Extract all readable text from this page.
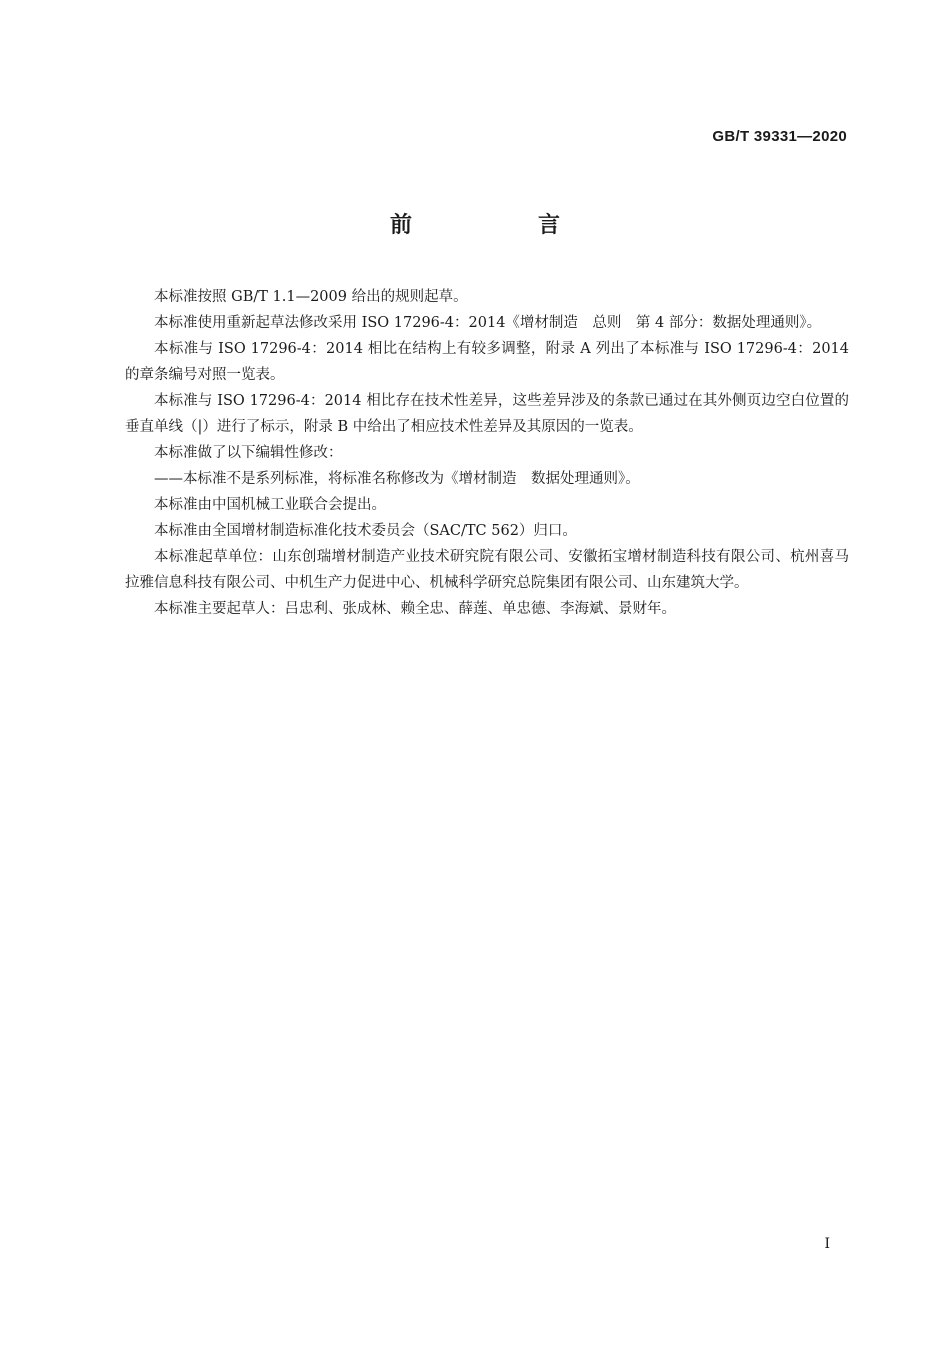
GB/T 39331—2020
前　言

本标准按照 GB/T 1.1—2009 给出的规则起草。

本标准使用重新起草法修改采用 ISO 17296-4：2014《增材制造　总则　第 4 部分：数据处理通则》。

本标准与 ISO 17296-4：2014 相比在结构上有较多调整，附录 A 列出了本标准与 ISO 17296-4：2014 的章条编号对照一览表。

本标准与 ISO 17296-4：2014 相比存在技术性差异，这些差异涉及的条款已通过在其外侧页边空白位置的垂直单线（|）进行了标示，附录 B 中给出了相应技术性差异及其原因的一览表。

本标准做了以下编辑性修改：

——本标准不是系列标准，将标准名称修改为《增材制造　数据处理通则》。

本标准由中国机械工业联合会提出。

本标准由全国增材制造标准化技术委员会（SAC/TC 562）归口。

本标准起草单位：山东创瑞增材制造产业技术研究院有限公司、安徽拓宝增材制造科技有限公司、杭州喜马拉雅信息科技有限公司、中机生产力促进中心、机械科学研究总院集团有限公司、山东建筑大学。

本标准主要起草人：吕忠利、张成林、赖全忠、薛莲、单忠德、李海斌、景财年。

I
